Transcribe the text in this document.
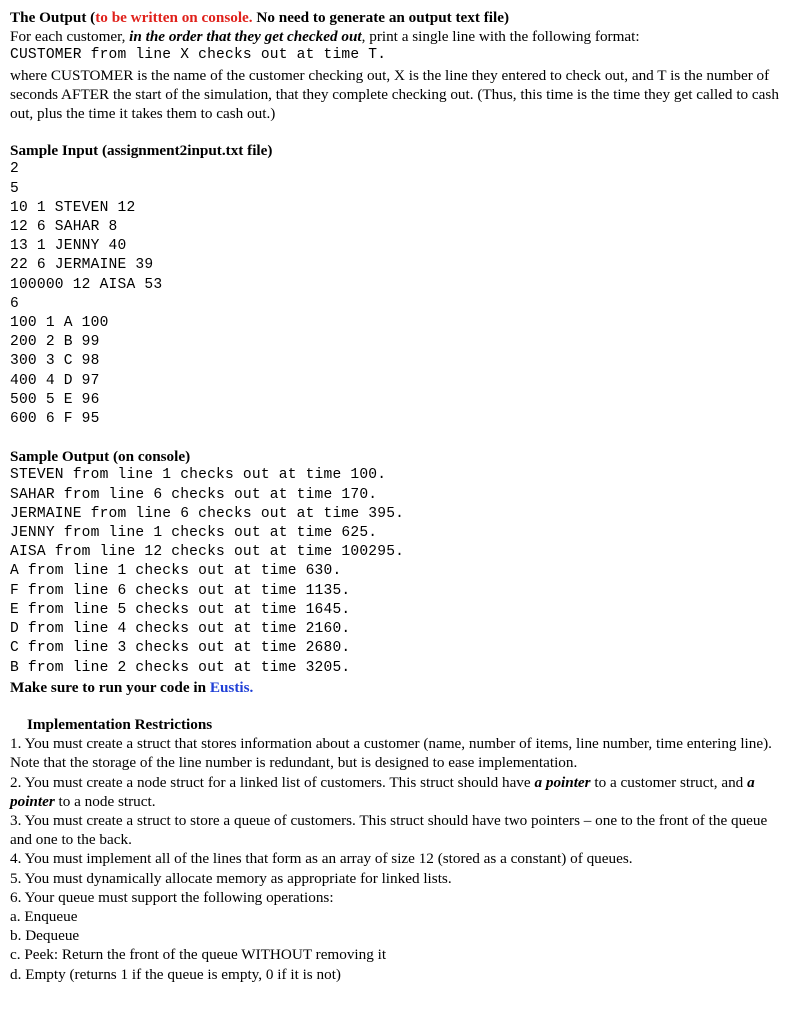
The Output (to be written on console. No need to generate an output text file)
For each customer, in the order that they get checked out, print a single line with the following format:
CUSTOMER from line X checks out at time T.
where CUSTOMER is the name of the customer checking out, X is the line they entered to check out, and T is the number of seconds AFTER the start of the simulation, that they complete checking out. (Thus, this time is the time they get called to cash out, plus the time it takes them to cash out.)
Sample Input (assignment2input.txt file)
2
5
10 1 STEVEN 12
12 6 SAHAR 8
13 1 JENNY 40
22 6 JERMAINE 39
100000 12 AISA 53
6
100 1 A 100
200 2 B 99
300 3 C 98
400 4 D 97
500 5 E 96
600 6 F 95
Sample Output (on console)
STEVEN from line 1 checks out at time 100.
SAHAR from line 6 checks out at time 170.
JERMAINE from line 6 checks out at time 395.
JENNY from line 1 checks out at time 625.
AISA from line 12 checks out at time 100295.
A from line 1 checks out at time 630.
F from line 6 checks out at time 1135.
E from line 5 checks out at time 1645.
D from line 4 checks out at time 2160.
C from line 3 checks out at time 2680.
B from line 2 checks out at time 3205.
Make sure to run your code in Eustis.
Implementation Restrictions
1. You must create a struct that stores information about a customer (name, number of items, line number, time entering line). Note that the storage of the line number is redundant, but is designed to ease implementation.
2. You must create a node struct for a linked list of customers. This struct should have a pointer to a customer struct, and a pointer to a node struct.
3. You must create a struct to store a queue of customers. This struct should have two pointers – one to the front of the queue and one to the back.
4. You must implement all of the lines that form as an array of size 12 (stored as a constant) of queues.
5. You must dynamically allocate memory as appropriate for linked lists.
6. Your queue must support the following operations:
a. Enqueue
b. Dequeue
c. Peek: Return the front of the queue WITHOUT removing it
d. Empty (returns 1 if the queue is empty, 0 if it is not)
